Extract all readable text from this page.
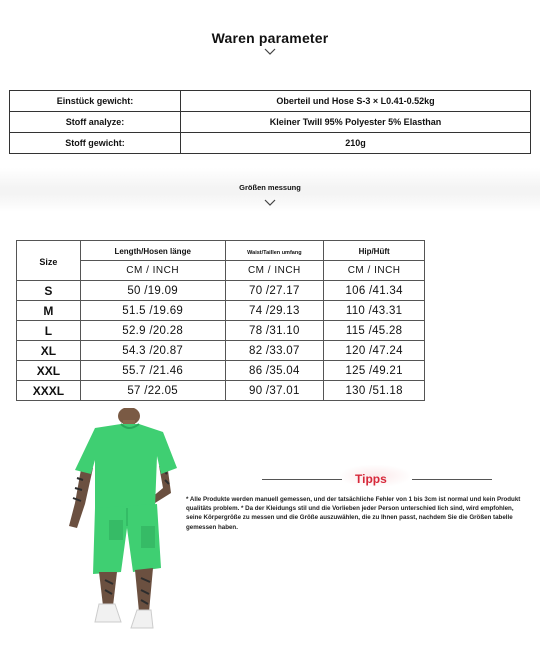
Waren parameter
Einstück gewicht:	Oberteil und Hose S-3 × L0.41-0.52kg
Stoff analyze:	Kleiner Twill 95% Polyester 5% Elasthan
Stoff gewicht:	210g
Größen messung
Size	Length/Hosen länge	Waist/Taillen umfang	Hip/Hüft
	CM / INCH	CM / INCH	CM / INCH
S	50 /19.09	70 /27.17	106 /41.34
M	51.5 /19.69	74 /29.13	110 /43.31
L	52.9 /20.28	78 /31.10	115 /45.28
XL	54.3 /20.87	82 /33.07	120 /47.24
XXL	55.7 /21.46	86 /35.04	125 /49.21
XXXL	57 /22.05	90 /37.01	130 /51.18
Tipps
* Alle Produkte werden manuell gemessen, und der tatsächliche Fehler von 1 bis 3cm ist normal und kein Produkt qualitäts problem. * Da der Kleidungs stil und die Vorlieben jeder Person unterschied lich sind, wird empfohlen, seine Körpergröße zu messen und die Größe auszuwählen, die zu Ihnen passt, nachdem Sie die Größen tabelle gemessen haben.
